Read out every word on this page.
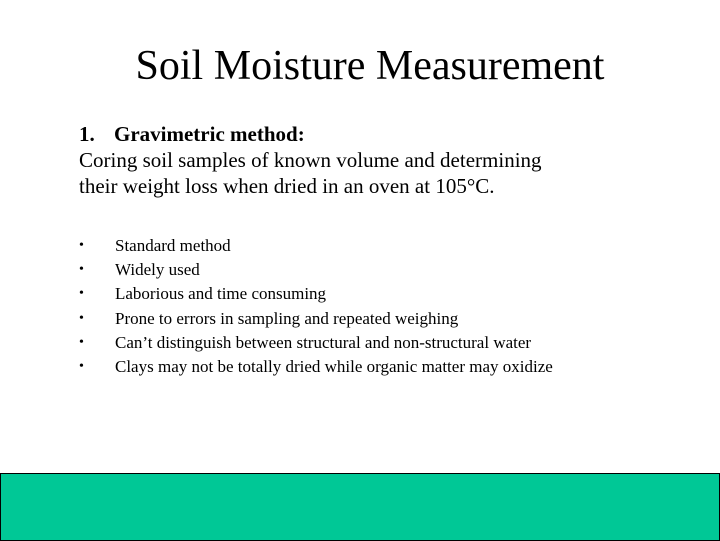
Soil Moisture Measurement
1. Gravimetric method:
Coring soil samples of known volume and determining
their weight loss when dried in an oven at 105°C.
•	Standard method
•	Widely used
•	Laborious and time consuming
•	Prone to errors in sampling and repeated weighing
•	Can’t distinguish between structural and non-structural water
•	Clays may not be totally dried while organic matter may oxidize
